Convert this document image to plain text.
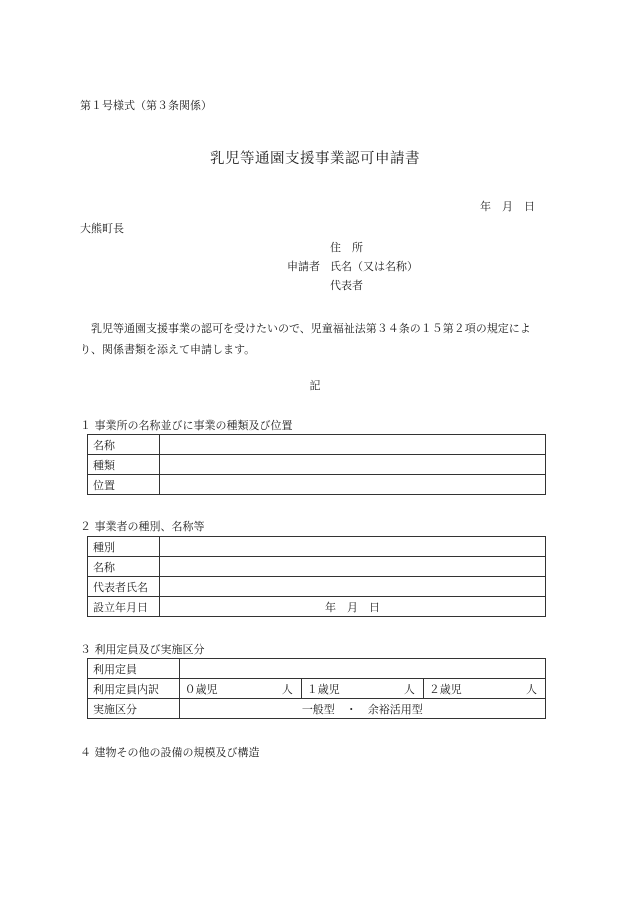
第１号様式（第３条関係）
乳児等通園支援事業認可申請書
年　月　日
大熊町長
住　所
申請者 氏名（又は名称）
代表者
　乳児等通園支援事業の認可を受けたいので、児童福祉法第３４条の１５第２項の規定により、関係書類を添えて申請します。
記
１ 事業所の名称並びに事業の種類及び位置
名称	
種類	
位置	
２ 事業者の種別、名称等
種別	
名称	
代表者氏名	
設立年月日	年　月　日
３ 利用定員及び実施区分
利用定員						
利用定員内訳	０歳児	人	１歳児	人	２歳児	人
実施区分	一般型　・　余裕活用型					
４ 建物その他の設備の規模及び構造
